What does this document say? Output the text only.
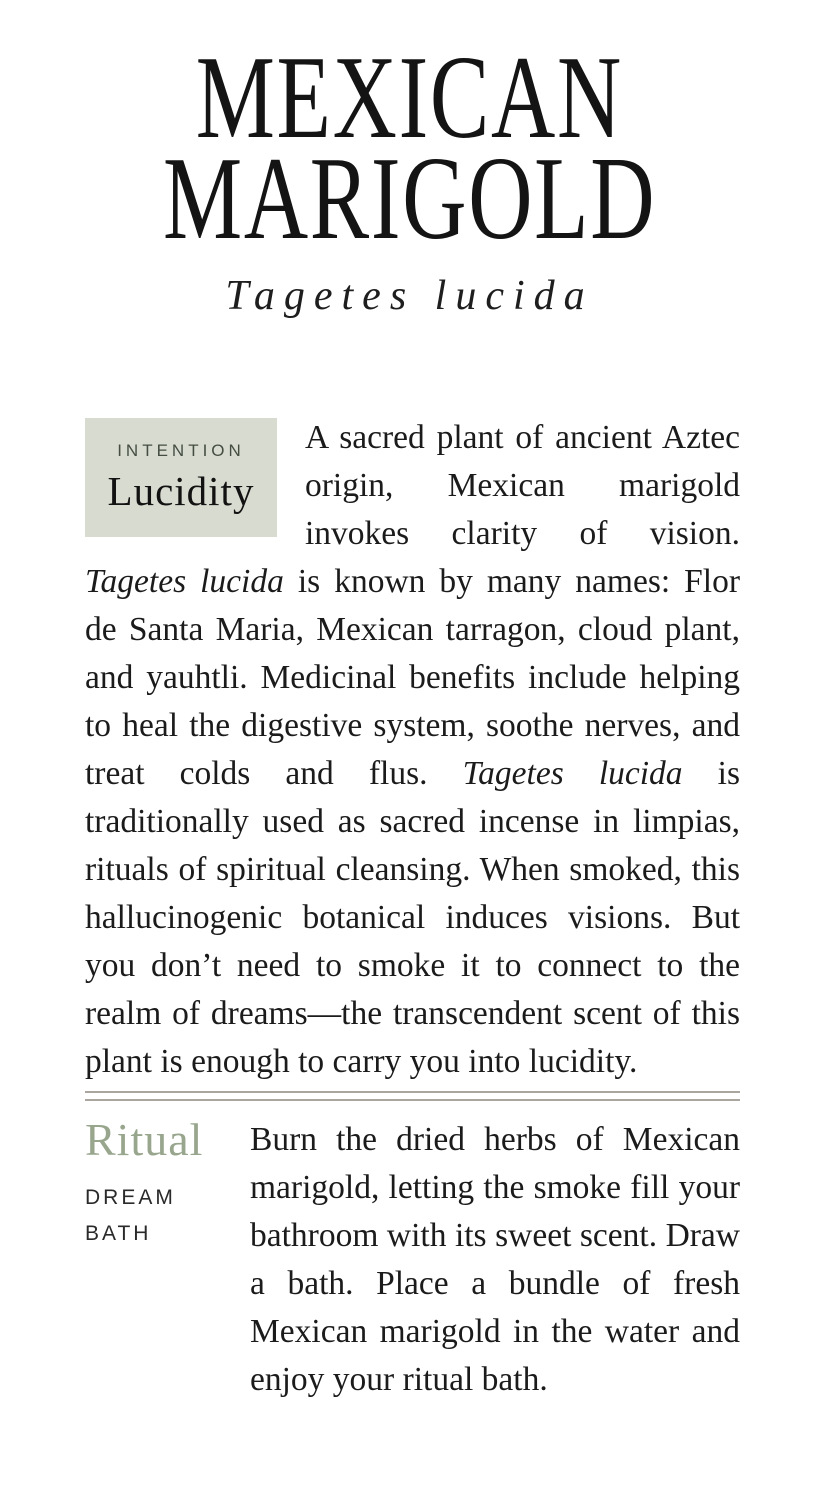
MEXICAN
MARIGOLD
Tagetes lucida
INTENTION
Lucidity

A sacred plant of ancient Aztec origin, Mexican marigold invokes clarity of vision. Tagetes lucida is known by many names: Flor de Santa Maria, Mexican tarragon, cloud plant, and yauhtli. Medicinal benefits include helping to heal the digestive system, soothe nerves, and treat colds and flus. Tagetes lucida is traditionally used as sacred incense in limpias, rituals of spiritual cleansing. When smoked, this hallucinogenic botanical induces visions. But you don’t need to smoke it to connect to the realm of dreams—the transcendent scent of this plant is enough to carry you into lucidity.

Ritual
DREAM
BATH

Burn the dried herbs of Mexican marigold, letting the smoke fill your bathroom with its sweet scent. Draw a bath. Place a bundle of fresh Mexican marigold in the water and enjoy your ritual bath.
